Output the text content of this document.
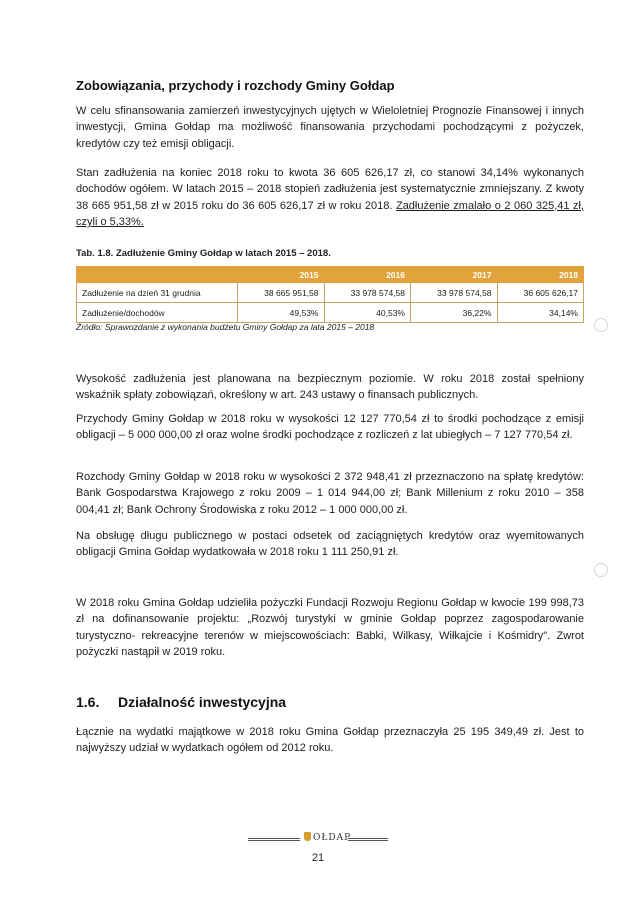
Zobowiązania, przychody i rozchody Gminy Gołdap
W celu sfinansowania zamierzeń inwestycyjnych ujętych w Wieloletniej Prognozie Finansowej i innych inwestycji, Gmina Gołdap ma możliwość finansowania przychodami pochodzącymi z pożyczek, kredytów czy też emisji obligacji.
Stan zadłużenia na koniec 2018 roku to kwota 36 605 626,17 zł, co stanowi 34,14% wykonanych dochodów ogółem. W latach 2015 – 2018 stopień zadłużenia jest systematycznie zmniejszany. Z kwoty 38 665 951,58 zł w 2015 roku do 36 605 626,17 zł w roku 2018. Zadłużenie zmalało o 2 060 325,41 zł, czyli o 5,33%.
Tab. 1.8. Zadłużenie Gminy Gołdap w latach 2015 – 2018.
	2015	2016	2017	2018
Zadłużenie na dzień 31 grudnia	38 665 951,58	33 978 574,58	33 978 574,58	36 605 626,17
Zadłużenie/dochodów	49,53%	40,53%	36,22%	34,14%
Źródło: Sprawozdanie z wykonania budżetu Gminy Gołdap za lata 2015 – 2018
Wysokość zadłużenia jest planowana na bezpiecznym poziomie. W roku 2018 został spełniony wskaźnik spłaty zobowiązań, określony w art. 243 ustawy o finansach publicznych.
Przychody Gminy Gołdap w 2018 roku w wysokości 12 127 770,54 zł to środki pochodzące z emisji obligacji – 5 000 000,00 zł oraz wolne środki pochodzące z rozliczeń z lat ubiegłych – 7 127 770,54 zł.
Rozchody Gminy Gołdap w 2018 roku w wysokości 2 372 948,41 zł przeznaczono na spłatę kredytów: Bank Gospodarstwa Krajowego z roku 2009 – 1 014 944,00 zł; Bank Millenium z roku 2010 – 358 004,41 zł; Bank Ochrony Środowiska z roku 2012 – 1 000 000,00 zł.
Na obsługę długu publicznego w postaci odsetek od zaciągniętych kredytów oraz wyemitowanych obligacji Gmina Gołdap wydatkowała w 2018 roku 1 111 250,91 zł.
W 2018 roku Gmina Gołdap udzieliła pożyczki Fundacji Rozwoju Regionu Gołdap w kwocie 199 998,73 zł na dofinansowanie projektu: „Rozwój turystyki w gminie Gołdap poprzez zagospodarowanie turystyczno- rekreacyjne terenów w miejscowościach: Babki, Wilkasy, Wiłkajcie i Kośmidry". Zwrot pożyczki nastąpił w 2019 roku.
1.6. Działalność inwestycyjna
Łącznie na wydatki majątkowe w 2018 roku Gmina Gołdap przeznaczyła 25 195 349,49 zł. Jest to najwyższy udział w wydatkach ogółem od 2012 roku.
OŁDAP
21
